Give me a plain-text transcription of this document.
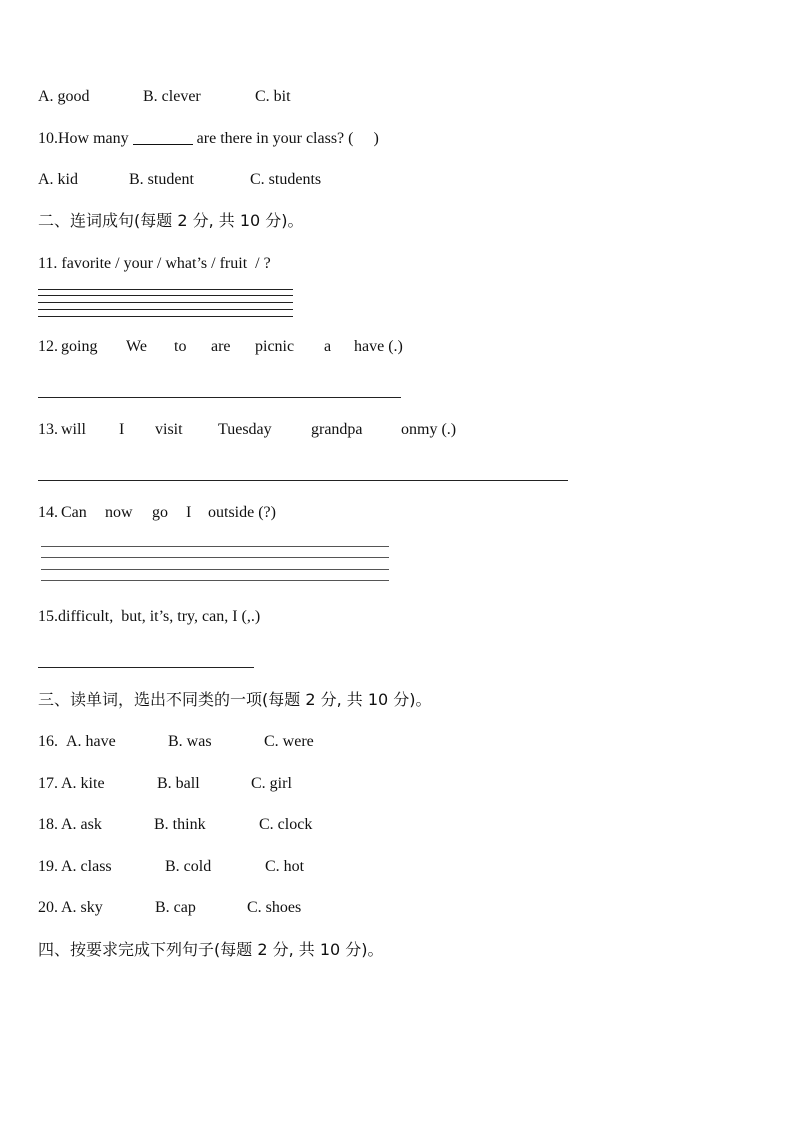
A. good	B. clever	C. bit
10.How many	are there in your class? (     )
A. kid	B. student	C. students
二、连词成句(每题 2 分, 共 10 分)。
11. favorite / your / what’s / fruit  / ?
12. going We to are picnic a have (.)
13. will I visit Tuesday grandpa onmy (.)
14. Can now go I outside (?)
15.difficult,  but, it’s, try, can, I (,.)
三、读单词，选出不同类的一项(每题 2 分, 共 10 分)。
16. A. have	B. was	C. were
17. A. kite	B. ball	C. girl
18. A. ask	B. think	C. clock
19. A. class	B. cold	C. hot
20. A. sky	B. cap	C. shoes
四、按要求完成下列句子(每题 2 分, 共 10 分)。
